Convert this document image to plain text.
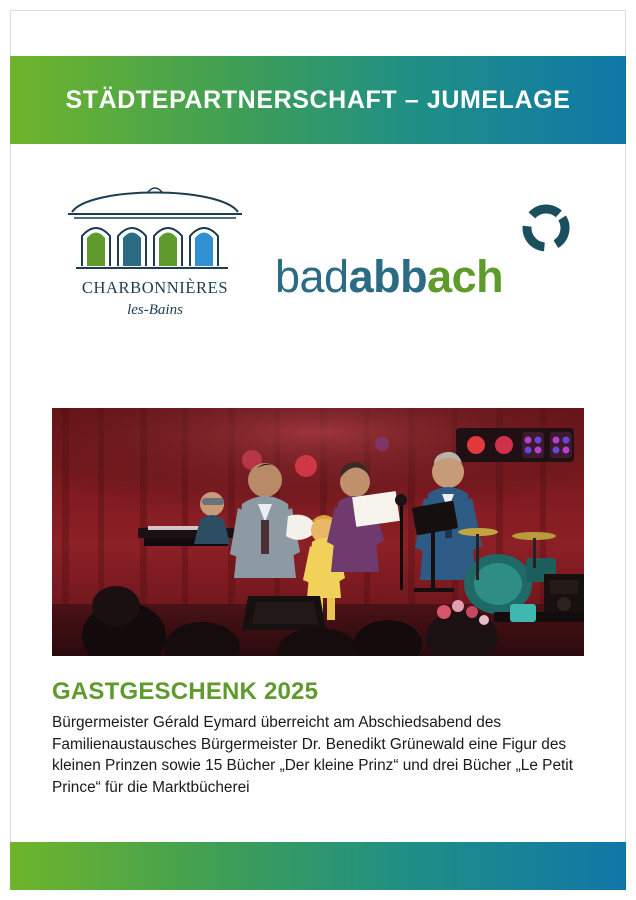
STÄDTEPARTNERSCHAFT – JUMELAGE
CHARBONNIÈRES
les-Bains
badabbach
GASTGESCHENK 2025

Bürgermeister Gérald Eymard überreicht am Abschiedsabend des Familienaustausches Bürgermeister Dr. Benedikt Grünewald eine Figur des kleinen Prinzen sowie 15 Bücher „Der kleine Prinz“ und drei Bücher „Le Petit Prince“ für die Marktbücherei
